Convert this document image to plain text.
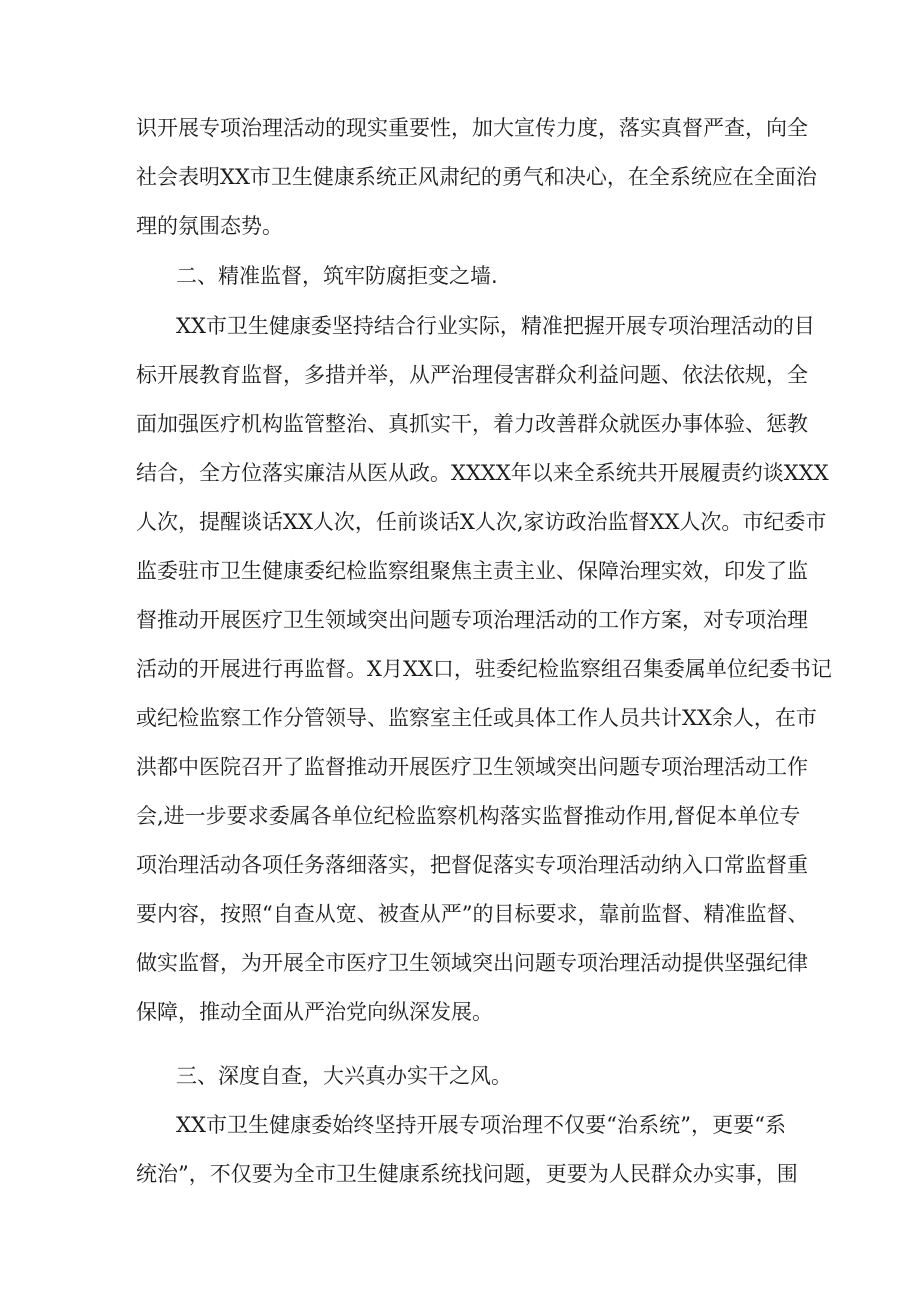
识开展专项治理活动的现实重要性，加大宣传力度，落实真督严查，向全

社会表明XX市卫生健康系统正风肃纪的勇气和决心，在全系统应在全面治

理的氛围态势。

二、精准监督，筑牢防腐拒变之墙.

XX市卫生健康委坚持结合行业实际，精准把握开展专项治理活动的目

标开展教育监督，多措并举，从严治理侵害群众利益问题、依法依规，全

面加强医疗机构监管整治、真抓实干，着力改善群众就医办事体验、惩教

结合，全方位落实廉洁从医从政。XXXX年以来全系统共开展履责约谈XXX

人次，提醒谈话XX人次，任前谈话X人次,家访政治监督XX人次。市纪委市

监委驻市卫生健康委纪检监察组聚焦主责主业、保障治理实效，印发了监

督推动开展医疗卫生领域突出问题专项治理活动的工作方案，对专项治理

活动的开展进行再监督。X月XX口，驻委纪检监察组召集委属单位纪委书记

或纪检监察工作分管领导、监察室主任或具体工作人员共计XX余人，在市

洪都中医院召开了监督推动开展医疗卫生领域突出问题专项治理活动工作

会,进一步要求委属各单位纪检监察机构落实监督推动作用,督促本单位专

项治理活动各项任务落细落实，把督促落实专项治理活动纳入口常监督重

要内容，按照“自查从宽、被查从严”的目标要求，靠前监督、精准监督、

做实监督，为开展全市医疗卫生领域突出问题专项治理活动提供坚强纪律

保障，推动全面从严治党向纵深发展。

三、深度自查，大兴真办实干之风。

XX市卫生健康委始终坚持开展专项治理不仅要“治系统”，更要“系

统治”，不仅要为全市卫生健康系统找问题，更要为人民群众办实事，围
